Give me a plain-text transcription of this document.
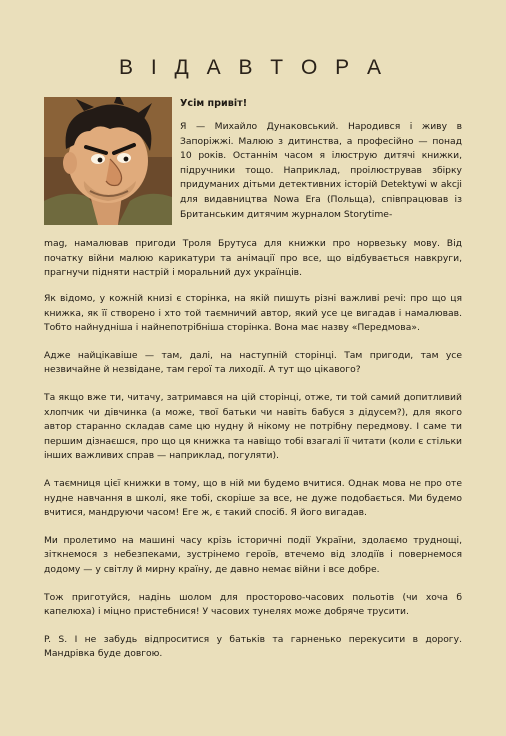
В І Д А В Т О Р А
Усім привіт!
Я — Михайло Дунаковський. Народився і живу в Запоріжжі. Малюю з дитинства, а професійно — понад 10 років. Останнім часом я ілюструю дитячі книжки, підручники тощо. Наприклад, проілюстрував збірку придуманих дітьми детективних історій Detektywi w akcji для видавництва Nowa Era (Польща), співпрацював із Британським дитячим журналом Storytime-
mag, намалював пригоди Троля Брутуса для книжки про норвезьку мову. Від початку війни малюю карикатури та анімації про все, що відбувається навкруги, прагнучи підняти настрій і моральний дух українців.

Як відомо, у кожній книзі є сторінка, на якій пишуть різні важливі речі: про що ця книжка, як її створено і хто той таємничий автор, який усе це вигадав і намалював. Тобто найнудніша і найнепотрібніша сторінка. Вона має назву «Передмова».

Адже найцікавіше — там, далі, на наступній сторінці. Там пригоди, там усе незвичайне й незвідане, там герої та лиходії. А тут що цікавого?

Та якщо вже ти, читачу, затримався на цій сторінці, отже, ти той самий допитливий хлопчик чи дівчинка (а може, твої батьки чи навіть бабуся з дідусем?), для якого автор старанно складав саме цю нудну й нікому не потрібну передмову. І саме ти першим дізнаєшся, про що ця книжка та навіщо тобі взагалі її читати (коли є стільки інших важливих справ — наприклад, погуляти).

А таємниця цієї книжки в тому, що в ній ми будемо вчитися. Однак мова не про оте нудне навчання в школі, яке тобі, скоріше за все, не дуже подобається. Ми будемо вчитися, мандруючи часом! Еге ж, є такий спосіб. Я його вигадав.

Ми пролетимо на машині часу крізь історичні події України, здолаємо труднощі, зіткнемося з небезпеками, зустрінемо героїв, втечемо від злодіїв і повернемося додому — у світлу й мирну країну, де давно немає війни і все добре.

Тож приготуйся, надінь шолом для просторово-часових польотів (чи хоча б капелюха) і міцно пристебнися! У часових тунелях може добряче трусити.

P. S. І не забудь відпроситися у батьків та гарненько перекусити в дорогу. Мандрівка буде довгою.
